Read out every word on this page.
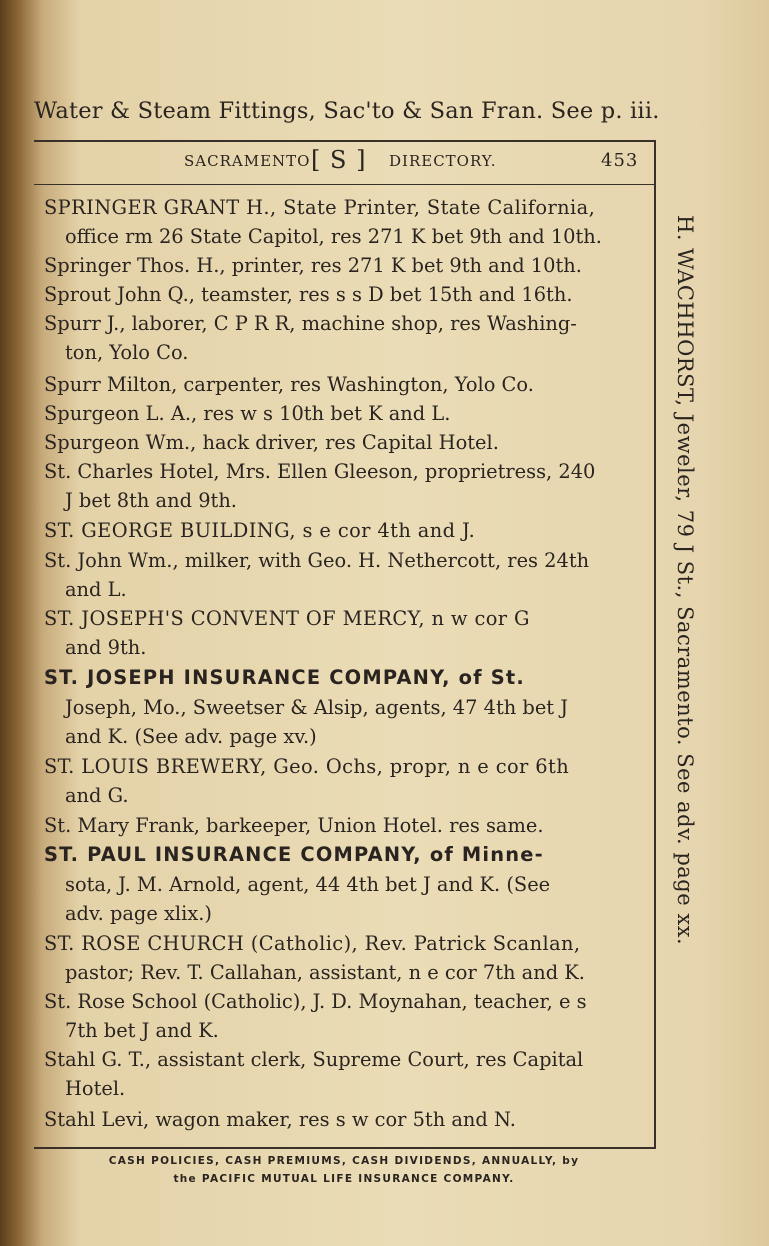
Water & Steam Fittings, Sac'to & San Fran. See p. iii.
SACRAMENTO [ S ] DIRECTORY.	453
SPRINGER GRANT H., State Printer, State California,
office rm 26 State Capitol, res 271 K bet 9th and 10th.
Springer Thos. H., printer, res 271 K bet 9th and 10th.
Sprout John Q., teamster, res s s D bet 15th and 16th.
Spurr J., laborer, C P R R, machine shop, res Washing-
ton, Yolo Co.
Spurr Milton, carpenter, res Washington, Yolo Co.
Spurgeon L. A., res w s 10th bet K and L.
Spurgeon Wm., hack driver, res Capital Hotel.
St. Charles Hotel, Mrs. Ellen Gleeson, proprietress, 240
J bet 8th and 9th.
ST. GEORGE BUILDING, s e cor 4th and J.
St. John Wm., milker, with Geo. H. Nethercott, res 24th
and L.
ST. JOSEPH'S CONVENT OF MERCY, n w cor G
and 9th.
ST. JOSEPH INSURANCE COMPANY, of St.
Joseph, Mo., Sweetser & Alsip, agents, 47 4th bet J
and K. (See adv. page xv.)
ST. LOUIS BREWERY, Geo. Ochs, propr, n e cor 6th
and G.
St. Mary Frank, barkeeper, Union Hotel. res same.
ST. PAUL INSURANCE COMPANY, of Minne-
sota, J. M. Arnold, agent, 44 4th bet J and K. (See
adv. page xlix.)
ST. ROSE CHURCH (Catholic), Rev. Patrick Scanlan,
pastor; Rev. T. Callahan, assistant, n e cor 7th and K.
St. Rose School (Catholic), J. D. Moynahan, teacher, e s
7th bet J and K.
Stahl G. T., assistant clerk, Supreme Court, res Capital
Hotel.
Stahl Levi, wagon maker, res s w cor 5th and N.
H. WACHHORST, Jeweler, 79 J St., Sacramento. See adv. page xx.
CASH POLICIES, CASH PREMIUMS, CASH DIVIDENDS, ANNUALLY, by
the PACIFIC MUTUAL LIFE INSURANCE COMPANY.
